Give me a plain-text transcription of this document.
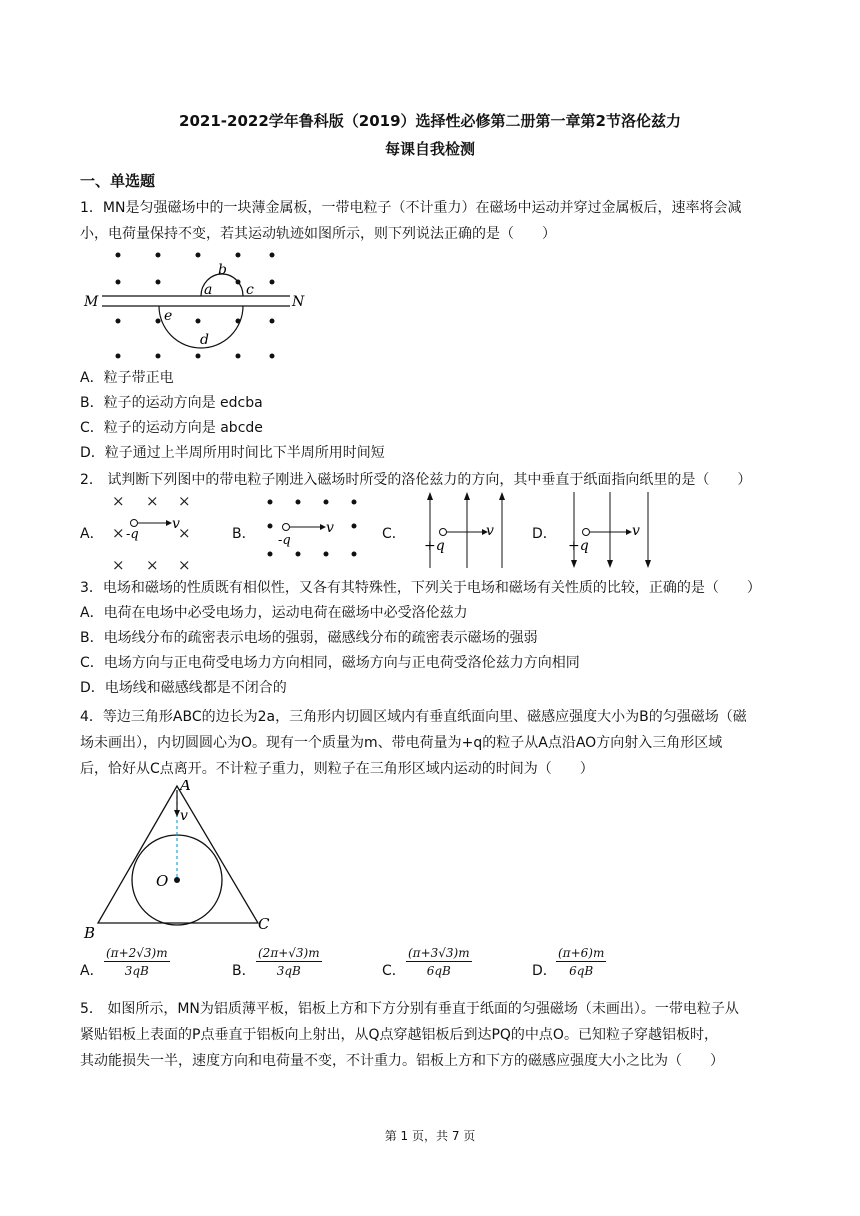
2021-2022学年鲁科版（2019）选择性必修第二册第一章第2节洛伦兹力
每课自我检测
一、单选题
1．MN是匀强磁场中的一块薄金属板，一带电粒子（不计重力）在磁场中运动并穿过金属板后，速率将会减
小，电荷量保持不变，若其运动轨迹如图所示，则下列说法正确的是（　　）
M	N
b
a c
e
d
A．粒子带正电
B．粒子的运动方向是 edcba
C．粒子的运动方向是 abcde
D．粒子通过上半周所用时间比下半周所用时间短
2． 试判断下列图中的带电粒子刚进入磁场时所受的洛伦兹力的方向，其中垂直于纸面指向纸里的是（　　）
A．
× × ×
×	×
× × ×
-q
v
B． -q
v	C．
+q
v	D．
+q
v
3．电场和磁场的性质既有相似性，又各有其特殊性，下列关于电场和磁场有关性质的比较，正确的是（　　）
A．电荷在电场中必受电场力，运动电荷在磁场中必受洛伦兹力
B．电场线分布的疏密表示电场的强弱，磁感线分布的疏密表示磁场的强弱
C．电场方向与正电荷受电场力方向相同，磁场方向与正电荷受洛伦兹力方向相同
D．电场线和磁感线都是不闭合的
4．等边三角形ABC的边长为2a，三角形内切圆区域内有垂直纸面向里、磁感应强度大小为B的匀强磁场（磁
场未画出），内切圆圆心为O。现有一个质量为m、带电荷量为+q的粒子从A点沿AO方向射入三角形区域
后，恰好从C点离开。不计粒子重力，则粒子在三角形区域内运动的时间为（　　）
A
v
O
B	C
A． $\frac{(\pi+2√3)m}{3qB}$	B． $\frac{(2\pi+√3)m}{3qB}$	C． $\frac{(\pi+3√3)m}{6qB}$	D． $\frac{(\pi+6)m}{6qB}$
5． 如图所示，MN为铝质薄平板，铝板上方和下方分别有垂直于纸面的匀强磁场（未画出）。一带电粒子从
紧贴铝板上表面的P点垂直于铝板向上射出，从Q点穿越铝板后到达PQ的中点O。已知粒子穿越铝板时，
其动能损失一半，速度方向和电荷量不变，不计重力。铝板上方和下方的磁感应强度大小之比为（　　）
第 1 页，共 7 页
